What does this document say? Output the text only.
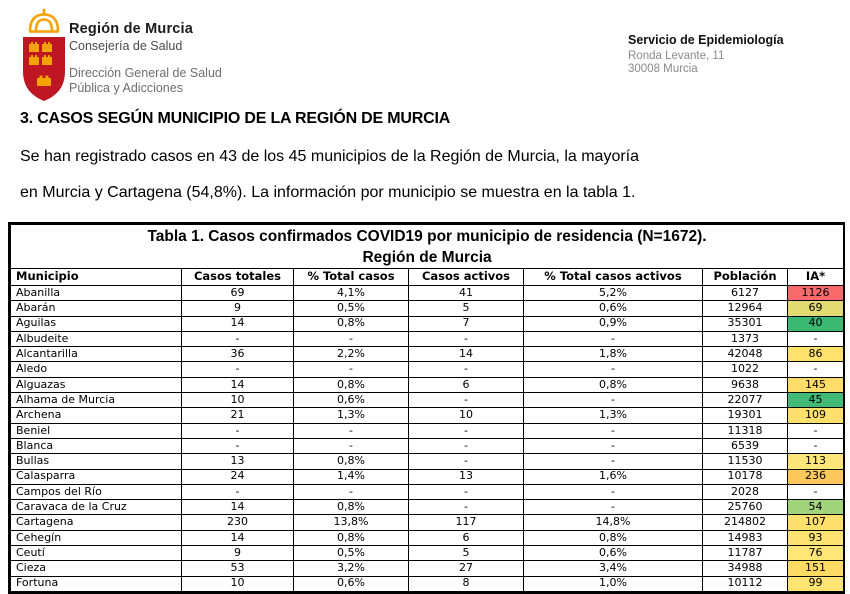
Región de Murcia
Consejería de Salud
Dirección General de Salud
Pública y Adicciones
Servicio de Epidemiología
Ronda Levante, 11
30008 Murcia
3. CASOS SEGÚN MUNICIPIO DE LA REGIÓN DE MURCIA
Se han registrado casos en 43 de los 45 municipios de la Región de Murcia, la mayoría
en Murcia y Cartagena (54,8%). La información por municipio se muestra en la tabla 1.
Tabla 1. Casos confirmados COVID19 por municipio de residencia (N=1672).
Región de Murcia						

Municipio	Casos totales	% Total casos	Casos activos	% Total casos activos	Población	IA*
Abanilla	69	4,1%	41	5,2%	6127	1126
Abarán	9	0,5%	5	0,6%	12964	69
Aguilas	14	0,8%	7	0,9%	35301	40
Albudeite	-	-	-	-	1373	-
Alcantarilla	36	2,2%	14	1,8%	42048	86
Aledo	-	-	-	-	1022	-
Alguazas	14	0,8%	6	0,8%	9638	145
Alhama de Murcia	10	0,6%	-	-	22077	45
Archena	21	1,3%	10	1,3%	19301	109
Beniel	-	-	-	-	11318	-
Blanca	-	-	-	-	6539	-
Bullas	13	0,8%	-	-	11530	113
Calasparra	24	1,4%	13	1,6%	10178	236
Campos del Río	-	-	-	-	2028	-
Caravaca de la Cruz	14	0,8%	-	-	25760	54
Cartagena	230	13,8%	117	14,8%	214802	107
Cehegín	14	0,8%	6	0,8%	14983	93
Ceutí	9	0,5%	5	0,6%	11787	76
Cieza	53	3,2%	27	3,4%	34988	151
Fortuna	10	0,6%	8	1,0%	10112	99
